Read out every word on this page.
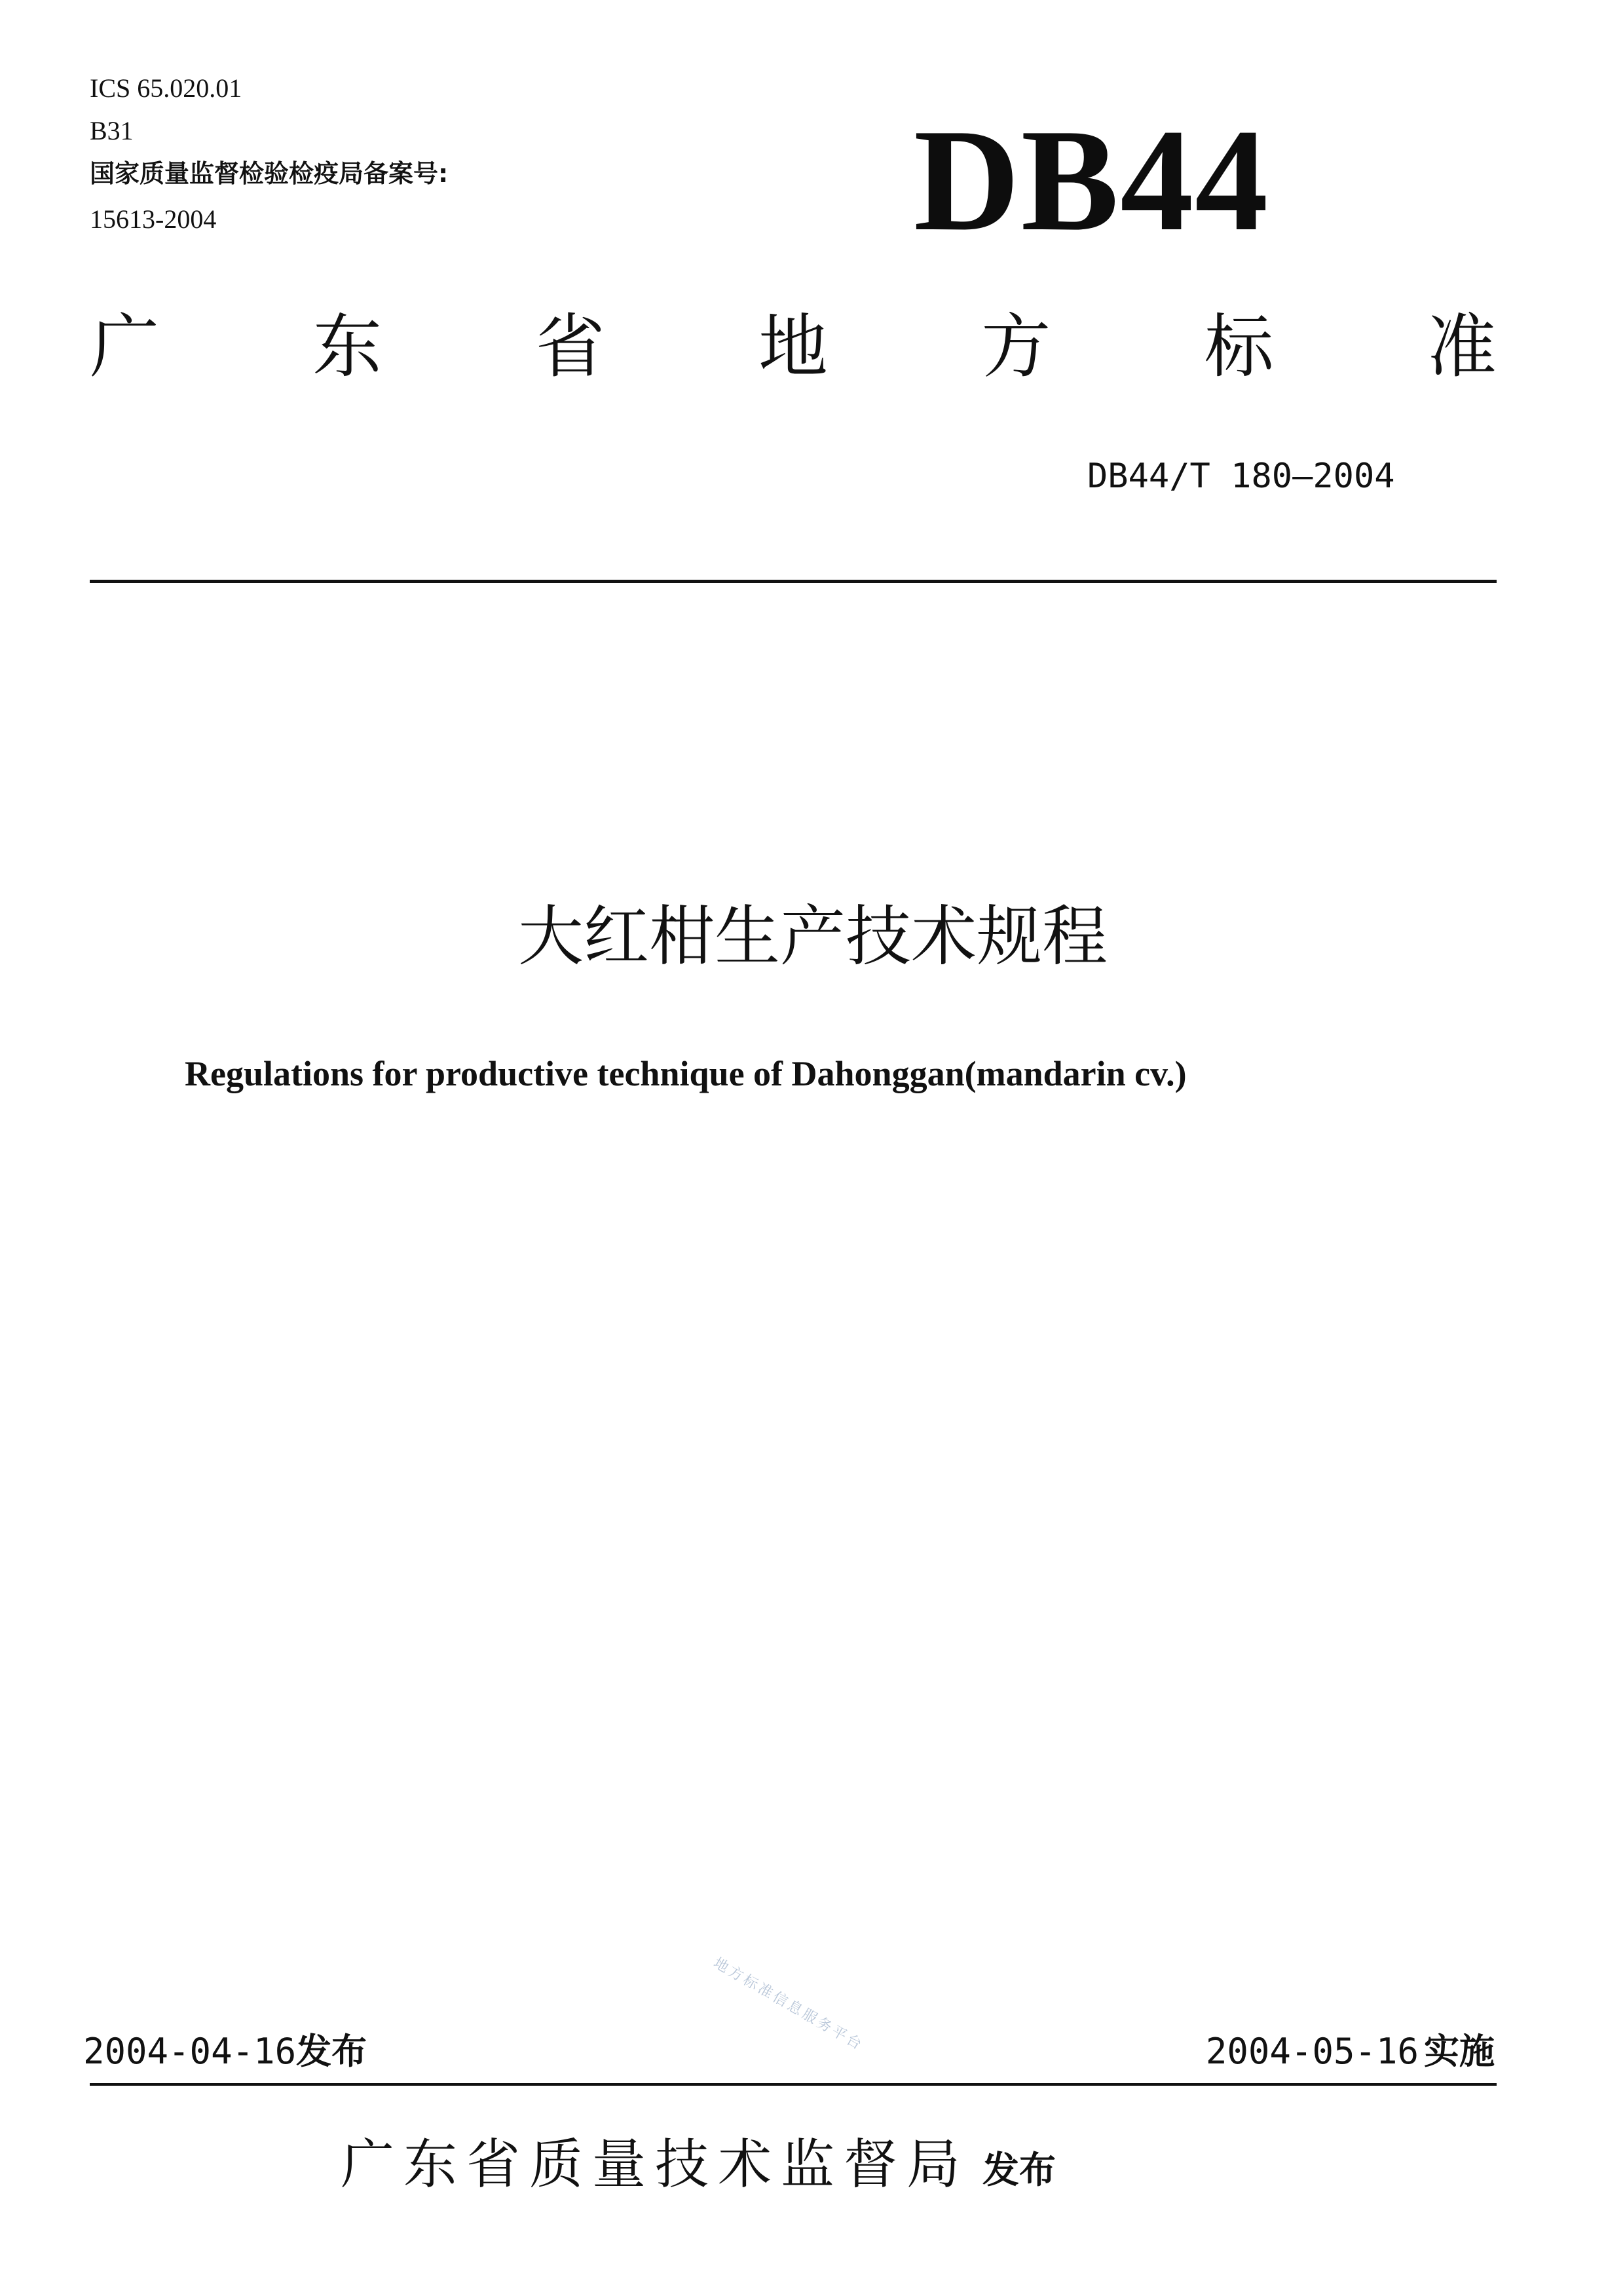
ICS 65.020.01
B31
国家质量监督检验检疫局备案号:
15613-2004	DB44
广 东 省 地 方 标 准
DB44/T 180—2004
大红柑生产技术规程
Regulations for productive technique of Dahonggan(mandarin cv.)
地方标准信息服务平台
2004-04-16发布	2004-05-16 实施
广东省质量技术监督局 发布
